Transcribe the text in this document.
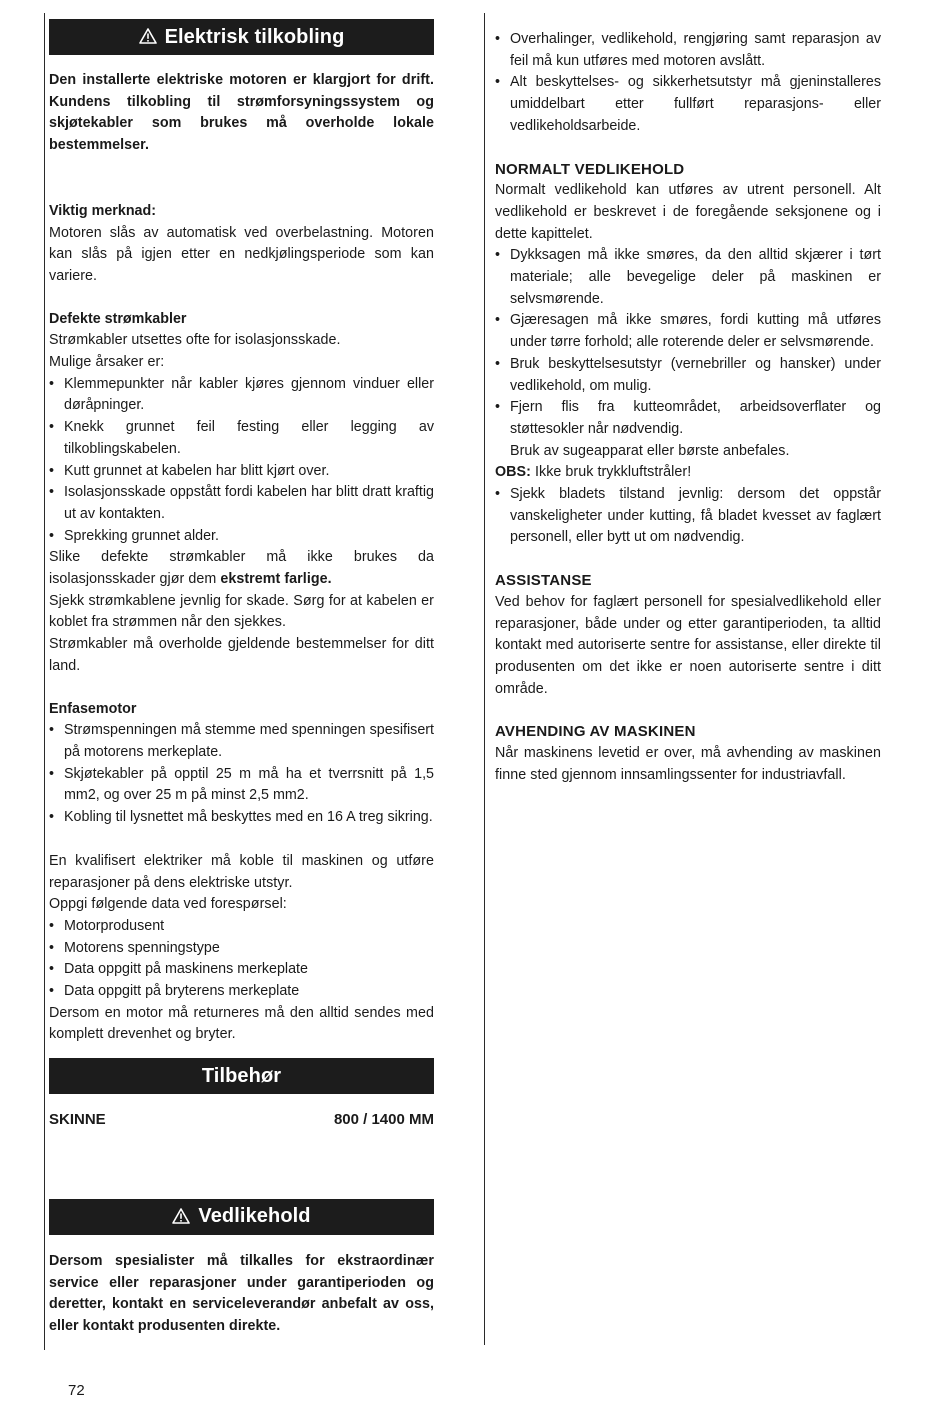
Elektrisk tilkobling

Den installerte elektriske motoren er klargjort for drift. Kundens tilkobling til strømforsyningssystem og skjøtekabler som brukes må overholde lokale bestemmelser.

Viktig merknad:

Motoren slås av automatisk ved overbelastning. Motoren kan slås på igjen etter en nedkjølingsperiode som kan variere.

Defekte strømkabler

Strømkabler utsettes ofte for isolasjonsskade.

Mulige årsaker er:

• Klemmepunkter når kabler kjøres gjennom vinduer eller døråpninger.
• Knekk grunnet feil festing eller legging av tilkoblingskabelen.
• Kutt grunnet at kabelen har blitt kjørt over.
• Isolasjonsskade oppstått fordi kabelen har blitt dratt kraftig ut av kontakten.
• Sprekking grunnet alder.

Slike defekte strømkabler må ikke brukes da isolasjonsskader gjør dem ekstremt farlige.

Sjekk strømkablene jevnlig for skade. Sørg for at kabelen er koblet fra strømmen når den sjekkes.

Strømkabler må overholde gjeldende bestemmelser for ditt land.

Enfasemotor

• Strømspenningen må stemme med spenningen spesifisert på motorens merkeplate.
• Skjøtekabler på opptil 25 m må ha et tverrsnitt på 1,5 mm2, og over 25 m på minst 2,5 mm2.
• Kobling til lysnettet må beskyttes med en 16 A treg sikring.

En kvalifisert elektriker må koble til maskinen og utføre reparasjoner på dens elektriske utstyr.

Oppgi følgende data ved forespørsel:

• Motorprodusent
• Motorens spenningstype
• Data oppgitt på maskinens merkeplate
• Data oppgitt på bryterens merkeplate

Dersom en motor må returneres må den alltid sendes med komplett drevenhet og bryter.

Tilbehør
SKINNE	800 / 1400 MM
Vedlikehold

Dersom spesialister må tilkalles for ekstraordinær service eller reparasjoner under garantiperioden og deretter, kontakt en serviceleverandør anbefalt av oss, eller kontakt produsenten direkte.

• Overhalinger, vedlikehold, rengjøring samt reparasjon av feil må kun utføres med motoren avslått.
• Alt beskyttelses- og sikkerhetsutstyr må gjeninstalleres umiddelbart etter fullført reparasjons- eller vedlikeholdsarbeide.

NORMALT VEDLIKEHOLD

Normalt vedlikehold kan utføres av utrent personell. Alt vedlikehold er beskrevet i de foregående seksjonene og i dette kapittelet.

• Dykksagen må ikke smøres, da den alltid skjærer i tørt materiale; alle bevegelige deler på maskinen er selvsmørende.
• Gjæresagen må ikke smøres, fordi kutting må utføres under tørre forhold; alle roterende deler er selvsmørende.
• Bruk beskyttelsesutstyr (vernebriller og hansker) under vedlikehold, om mulig.
• Fjern flis fra kutteområdet, arbeidsoverflater og støttesokler når nødvendig.

Bruk av sugeapparat eller børste anbefales.

OBS: Ikke bruk trykkluftstråler!

• Sjekk bladets tilstand jevnlig: dersom det oppstår vanskeligheter under kutting, få bladet kvesset av faglært personell, eller bytt ut om nødvendig.

ASSISTANSE

Ved behov for faglært personell for spesialvedlikehold eller reparasjoner, både under og etter garantiperioden, ta alltid kontakt med autoriserte sentre for assistanse, eller direkte til produsenten om det ikke er noen autoriserte sentre i ditt område.

AVHENDING AV MASKINEN

Når maskinens levetid er over, må avhending av maskinen finne sted gjennom innsamlingssenter for industriavfall.

72
